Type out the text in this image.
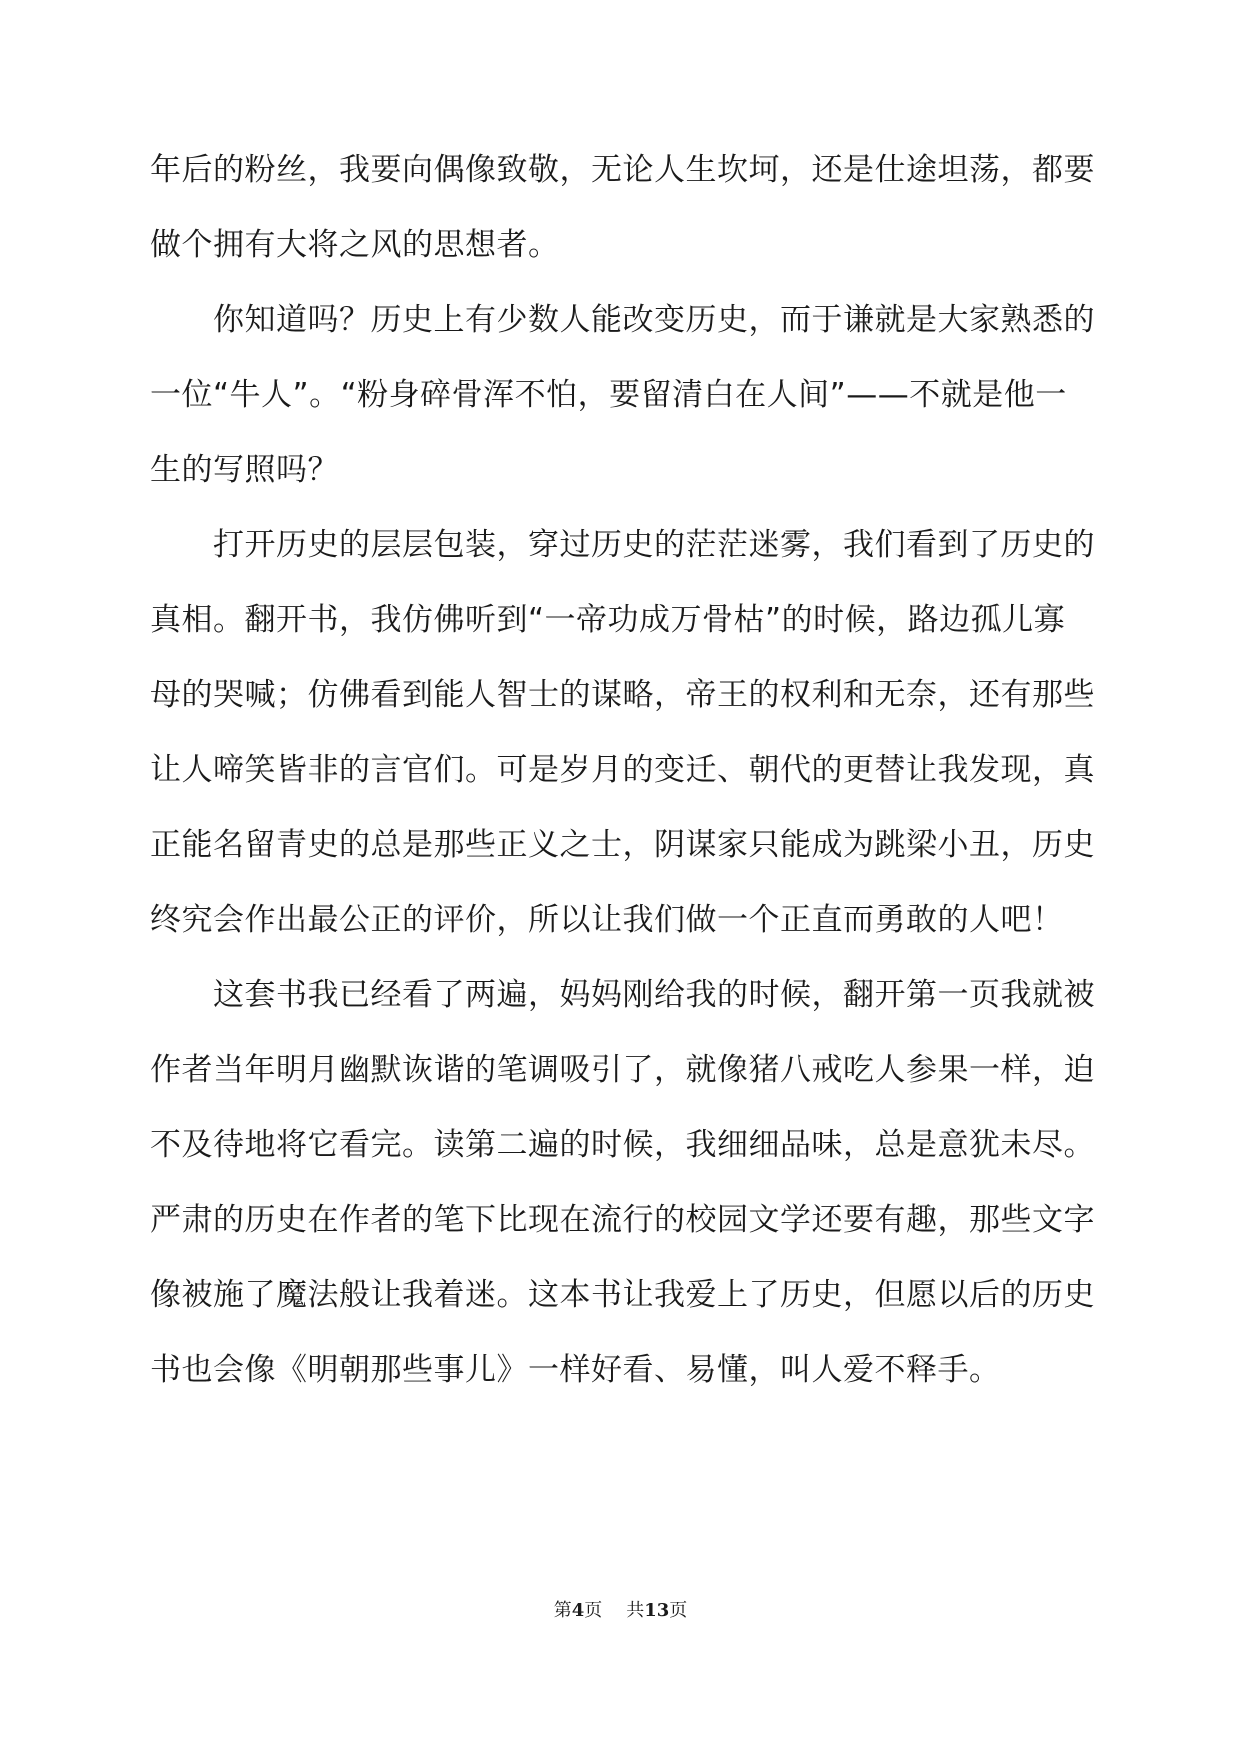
年后的粉丝，我要向偶像致敬，无论人生坎坷，还是仕途坦荡，都要
做个拥有大将之风的思想者。
你知道吗？历史上有少数人能改变历史，而于谦就是大家熟悉的
一位“牛人”。“粉身碎骨浑不怕，要留清白在人间”——不就是他一
生的写照吗？
打开历史的层层包装，穿过历史的茫茫迷雾，我们看到了历史的
真相。翻开书，我仿佛听到“一帝功成万骨枯”的时候，路边孤儿寡
母的哭喊；仿佛看到能人智士的谋略，帝王的权利和无奈，还有那些
让人啼笑皆非的言官们。可是岁月的变迁、朝代的更替让我发现，真
正能名留青史的总是那些正义之士，阴谋家只能成为跳梁小丑，历史
终究会作出最公正的评价，所以让我们做一个正直而勇敢的人吧！
这套书我已经看了两遍，妈妈刚给我的时候，翻开第一页我就被
作者当年明月幽默诙谐的笔调吸引了，就像猪八戒吃人参果一样，迫
不及待地将它看完。读第二遍的时候，我细细品味，总是意犹未尽。
严肃的历史在作者的笔下比现在流行的校园文学还要有趣，那些文字
像被施了魔法般让我着迷。这本书让我爱上了历史，但愿以后的历史
书也会像《明朝那些事儿》一样好看、易懂，叫人爱不释手。
第4页 共13页
